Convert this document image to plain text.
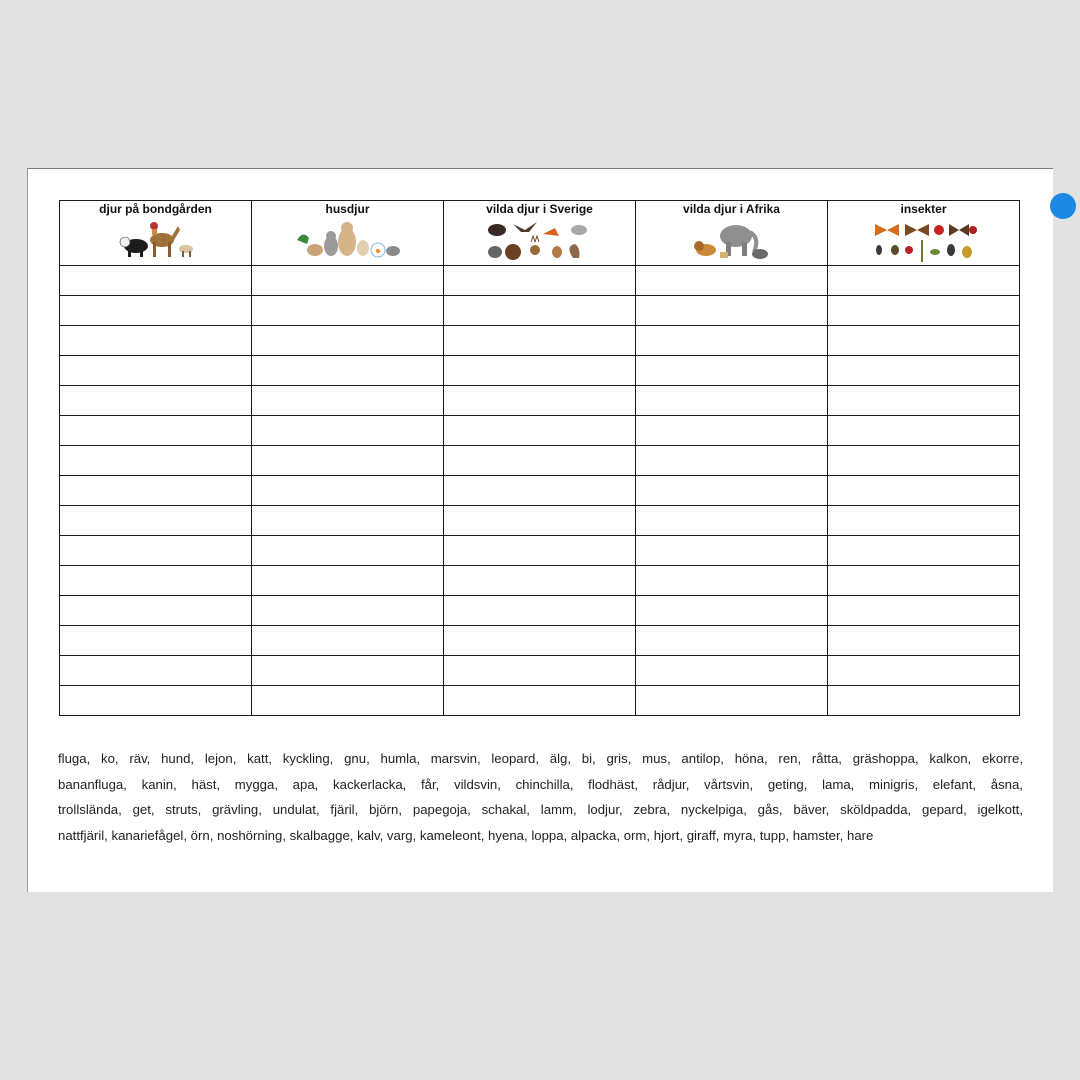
djur på bondgården	husdjur	vilda djur i Sverige	vilda djur i Afrika	insekter

fluga, ko, räv, hund, lejon, katt, kyckling, gnu, humla, marsvin, leopard, älg, bi, gris, mus, antilop, höna, ren, råtta, gräshoppa, kalkon, ekorre,
bananfluga, kanin, häst, mygga, apa, kackerlacka, får, vildsvin, chinchilla, flodhäst, rådjur, vårtsvin, geting, lama, minigris, elefant, åsna,
trollslända, get, struts, grävling, undulat, fjäril, björn, papegoja, schakal, lamm, lodjur, zebra, nyckelpiga, gås, bäver, sköldpadda, gepard, igelkott,
nattfjäril, kanariefågel, örn, noshörning, skalbagge, kalv, varg, kameleont, hyena, loppa, alpacka, orm, hjort, giraff, myra, tupp, hamster, hare
